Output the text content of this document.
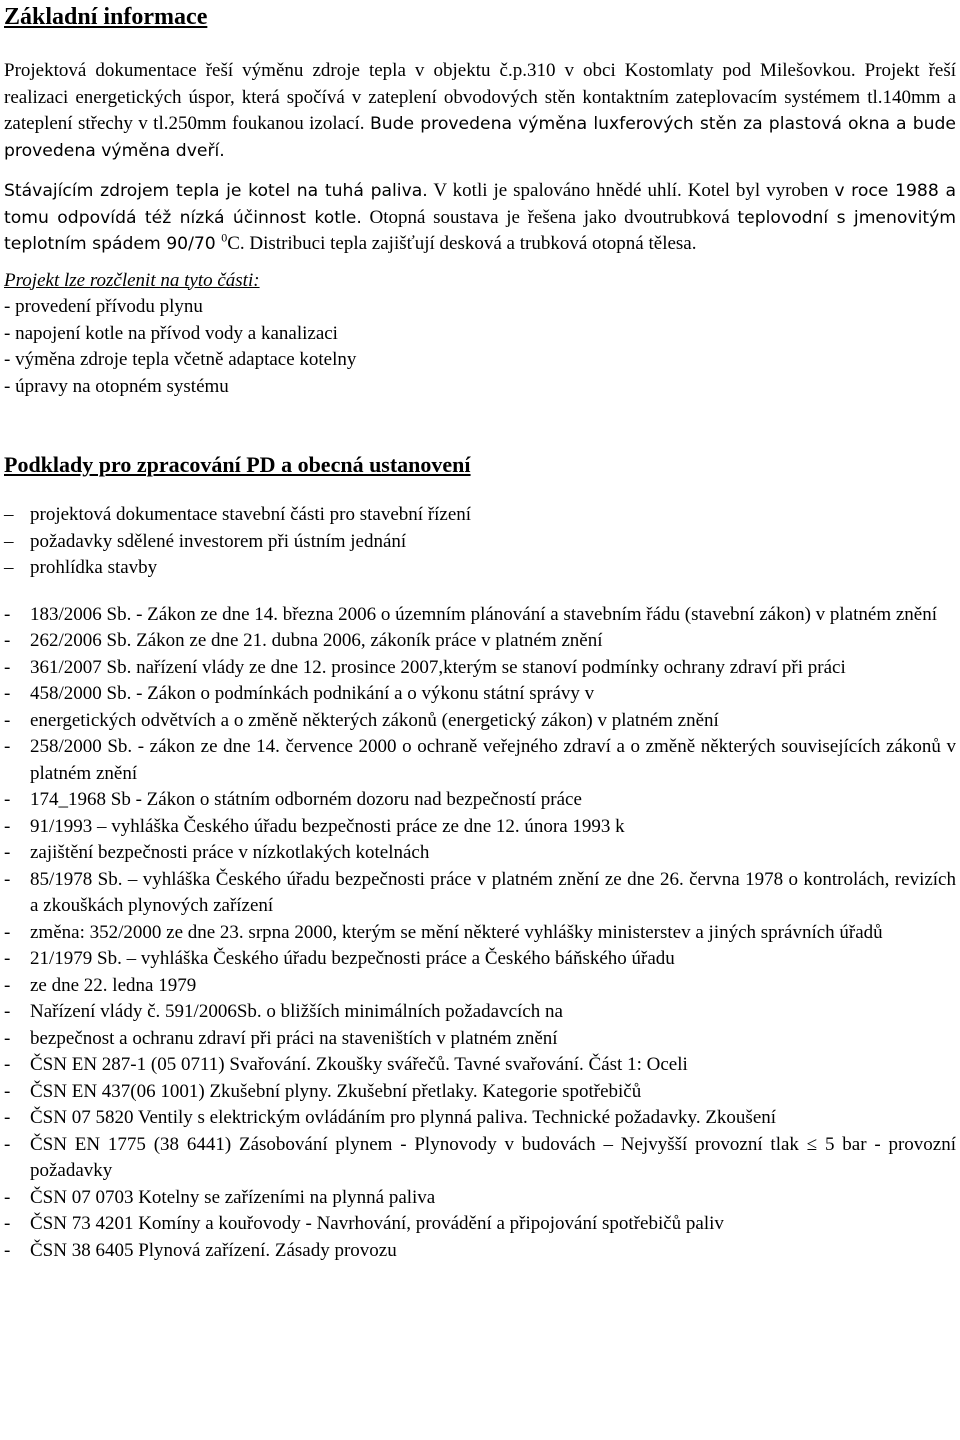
Základní informace

Projektová dokumentace řeší výměnu zdroje tepla v objektu č.p.310 v obci Kostomlaty pod Milešovkou. Projekt řeší realizaci energetických úspor, která spočívá v zateplení obvodových stěn kontaktním zateplovacím systémem tl.140mm a zateplení střechy v tl.250mm foukanou izolací. Bude provedena výměna luxferových stěn za plastová okna a bude provedena výměna dveří.

Stávajícím zdrojem tepla je kotel na tuhá paliva. V kotli je spalováno hnědé uhlí. Kotel byl vyroben v roce 1988 a tomu odpovídá též nízká účinnost kotle. Otopná soustava je řešena jako dvoutrubková teplovodní s jmenovitým teplotním spádem 90/70 $^0$C. Distribuci tepla zajišťují desková a trubková otopná tělesa.

Projekt lze rozčlenit na tyto části:

- provedení přívodu plynu
- napojení kotle na přívod vody a kanalizaci
- výměna zdroje tepla včetně adaptace kotelny
- úpravy na otopném systému
Podklady pro zpracování PD a obecná ustanovení
– projektová dokumentace stavební části pro stavební řízení
– požadavky sdělené investorem při ústním jednání
– prohlídka stavby
- 183/2006 Sb. - Zákon ze dne 14. března 2006 o územním plánování a stavebním řádu (stavební zákon) v platném znění
- 262/2006 Sb. Zákon ze dne 21. dubna 2006, zákoník práce v platném znění
- 361/2007 Sb. nařízení vlády ze dne 12. prosince 2007,kterým se stanoví podmínky ochrany zdraví při práci
- 458/2000 Sb. - Zákon o podmínkách podnikání a o výkonu státní správy v
- energetických odvětvích a o změně některých zákonů (energetický zákon) v platném znění
- 258/2000 Sb. - zákon ze dne 14. července 2000 o ochraně veřejného zdraví a o změně některých souvisejících zákonů v platném znění
- 174_1968 Sb - Zákon o státním odborném dozoru nad bezpečností práce
- 91/1993 – vyhláška Českého úřadu bezpečnosti práce ze dne 12. února 1993 k
- zajištění bezpečnosti práce v nízkotlakých kotelnách
- 85/1978 Sb. – vyhláška Českého úřadu bezpečnosti práce v platném znění ze dne 26. června 1978 o kontrolách, revizích a zkouškách plynových zařízení
- změna: 352/2000 ze dne 23. srpna 2000, kterým se mění některé vyhlášky ministerstev a jiných správních úřadů
- 21/1979 Sb. – vyhláška Českého úřadu bezpečnosti práce a Českého báňského úřadu
- ze dne 22. ledna 1979
- Nařízení vlády č. 591/2006Sb. o bližších minimálních požadavcích na
- bezpečnost a ochranu zdraví při práci na staveništích v platném znění
- ČSN EN 287-1 (05 0711) Svařování. Zkoušky svářečů. Tavné svařování. Část 1: Oceli
- ČSN EN 437(06 1001) Zkušební plyny. Zkušební přetlaky. Kategorie spotřebičů
- ČSN 07 5820 Ventily s elektrickým ovládáním pro plynná paliva. Technické požadavky. Zkoušení
- ČSN EN 1775 (38 6441) Zásobování plynem - Plynovody v budovách – Nejvyšší provozní tlak ≤ 5 bar - provozní požadavky
- ČSN 07 0703 Kotelny se zařízeními na plynná paliva
- ČSN 73 4201 Komíny a kouřovody - Navrhování, provádění a připojování spotřebičů paliv
- ČSN 38 6405 Plynová zařízení. Zásady provozu
